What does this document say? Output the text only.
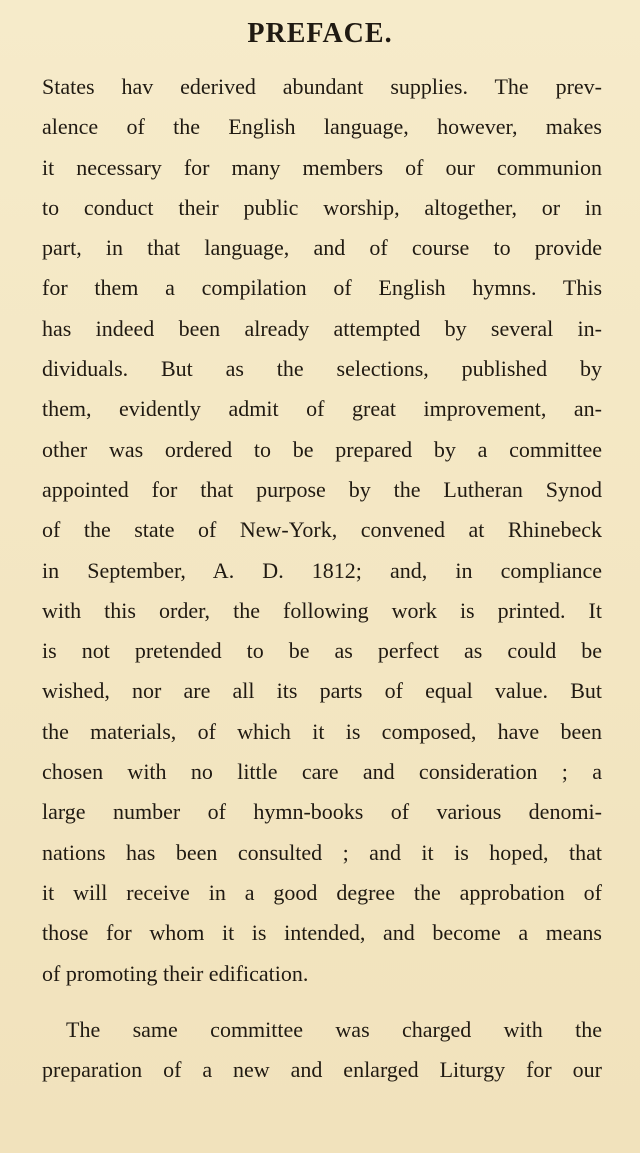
PREFACE.
States hav ederived abundant supplies. The prev-
alence of the English language, however, makes
it necessary for many members of our communion
to conduct their public worship, altogether, or in
part, in that language, and of course to provide
for them a compilation of English hymns. This
has indeed been already attempted by several in-
dividuals. But as the selections, published by
them, evidently admit of great improvement, an-
other was ordered to be prepared by a committee
appointed for that purpose by the Lutheran Synod
of the state of New-York, convened at Rhinebeck
in September, A. D. 1812; and, in compliance
with this order, the following work is printed. It
is not pretended to be as perfect as could be
wished, nor are all its parts of equal value. But
the materials, of which it is composed, have been
chosen with no little care and consideration ; a
large number of hymn-books of various denomi-
nations has been consulted ; and it is hoped, that
it will receive in a good degree the approbation of
those for whom it is intended, and become a means
of promoting their edification.
The same committee was charged with the
preparation of a new and enlarged Liturgy for our
